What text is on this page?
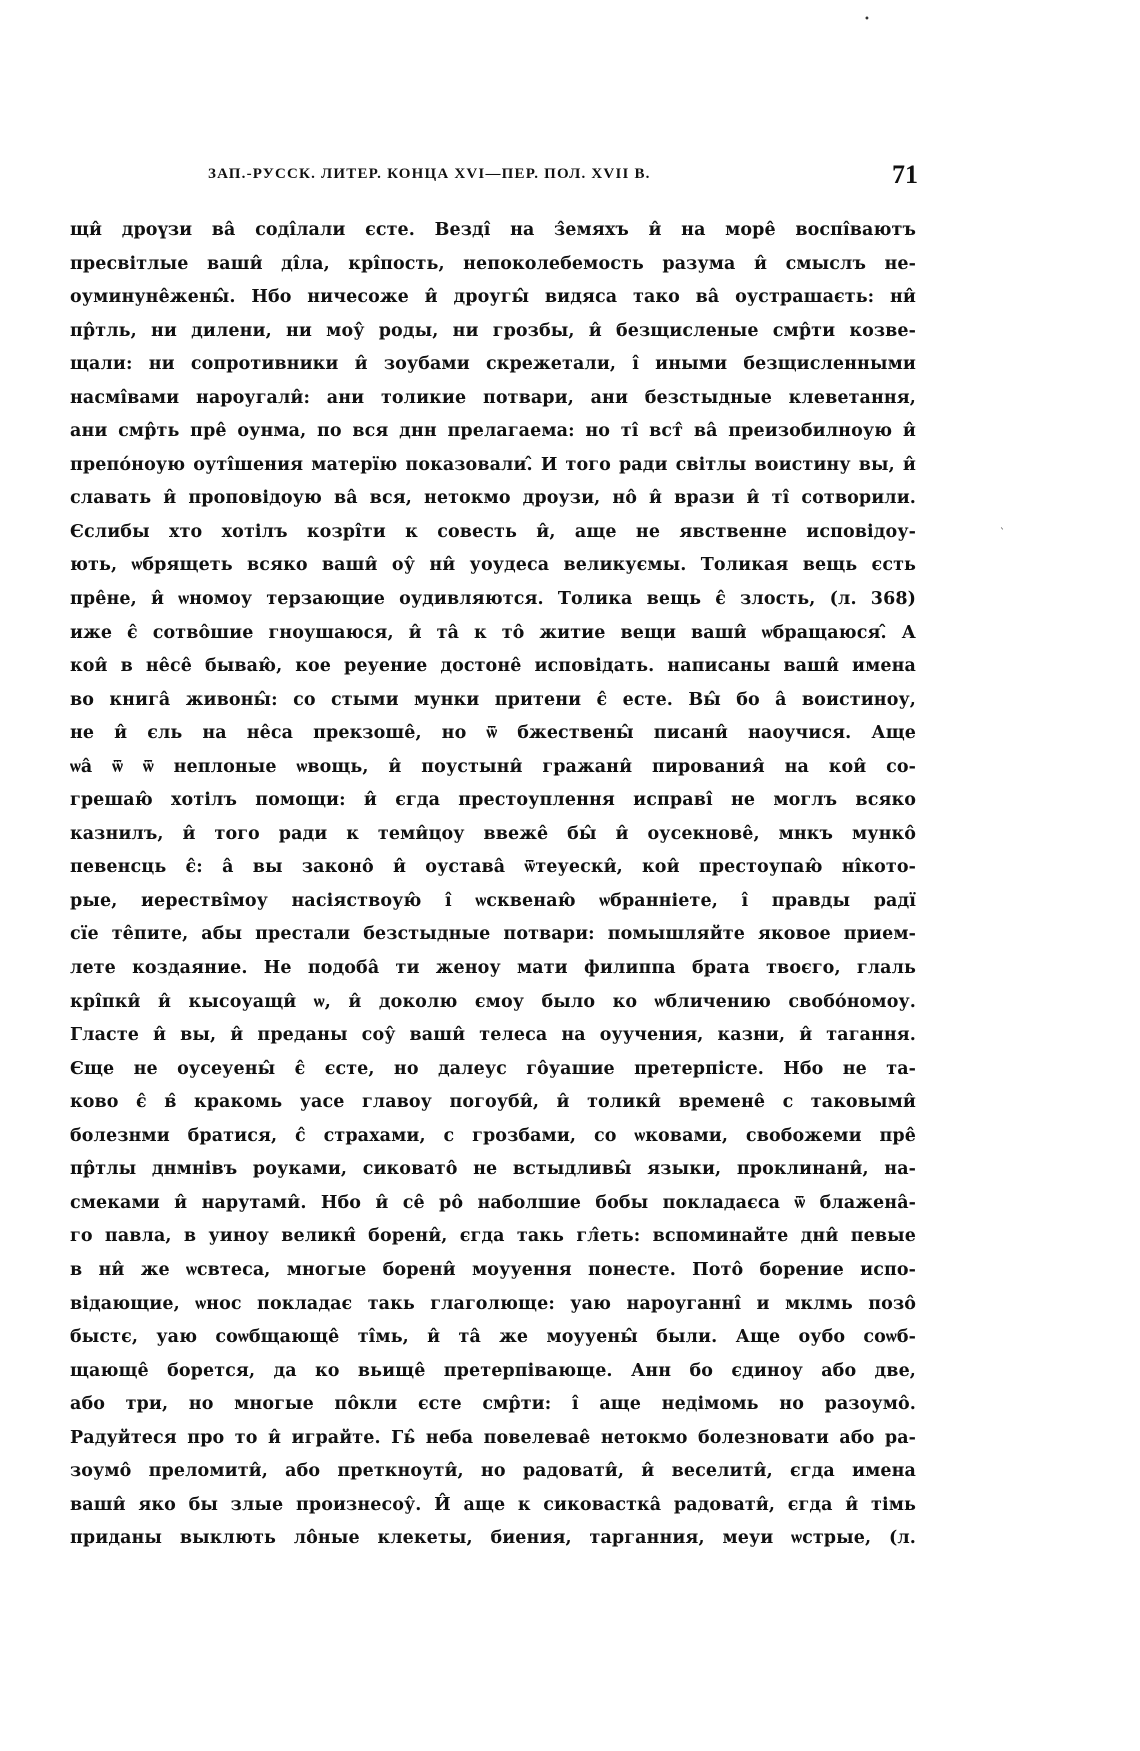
•
`
ЗАП.-РУСCК. ЛИТЕР. КОНЦА XVI—ПЕР. ПОЛ. XVII В.	71
щи̂ дроүзи ва̂ соді̂лали єсте. Везді̂ на з̂емяхъ и̂ на море̂ воспі̂ваютъ
пресвітлые ваши̂ ді̂ла, крі̂пость, непоколебемость разума и̂ смыслъ не-
оуминуне̂жены̂. Нбо ничесоже и̂ дроугы̂ видяса тако ва̂ оустрашаєть: ни̂
пр̂тль, ни дилени, ни моу̂ роды, ни грозбы, и̂ безщисленые смр̂ти козве-
щали: ни сопротивники и̂ зоубами скрежетали, і̂ иными безщисленными
насмі̂вами нароугали̂: ани толикие потвари, ани безстыдные клеветання,
ани смр̂ть пре̂ оунма, по вся днн прелагаема: но ті̂ вст̂ ва̂ преизобилноую и̂
препо́ноую оуті̂шения матерїю показовали.̂ И того ради світлы воистину вы, и̂
славать и̂ проповідоую ва̂ вся, нетокмо дроузи, но̂ и̂ врази и̂ ті̂ сотворили.
Єслибы хто хотілъ козрі̂ти к совесть и̂, аще не явственне исповідоу-
ють, ѡбрящеть всяко ваши̂ оу̂ ни̂ уоудеса великуємы. Толикая вещь єсть
пре̂не, и̂ ѡномоу терзающие оудивляются. Толика вещь є̂ злость, (л. 368)
иже є̂ сотво̂шие гноушаюся, и̂ та̂ к то̂ житие вещи ваши̂ ѡбращаюся.̂ А
кои̂ в не̂се̂ бываю̂, кое реуение достоне̂ исповідать. написаны ваши̂ имена
во книга̂ живоны̂: со стыми мунки притени є̂ есте. Вы̂ бо а̂ воистиноу,
не и̂ єль на не̂са прекзоше̂, но ѿ бжествены̂ писани̂ наоучися. Аще
ѡа̂ ѿ ѿ неплоные ѡвощь, и̂ поустыни̂ гражани̂ пирования̂ на кои̂ со-
грешаю̂ хотілъ помощи: и̂ єгда престоуплення исправі̂ не моглъ всяко
казнилъ, и̂ того ради к теми̂цоу ввеже̂ бы̂ и̂ оусекнове̂, мнкъ мунко̂
певенсць є̂: а̂ вы законо̂ и̂ оустава̂ ѿтеуески̂, кои̂ престоупаю̂ ні̂кото-
рые, иерестві̂моу насіяствоую̂ і̂ ѡсквенаю̂ ѡбранніете, і̂ правды радї
сїе те̂пите, абы престали безстыдные потвари: помышляйте яковое прием-
лете коздаяние. Не подоба̂ ти женоу мати филиппа брата твоєго, глаль
крі̂пки̂ и̂ кысоуащи̂ ѡ, и̂ доколю ємоу было ко ѡбличению свобо́номоу.
Гласте и̂ вы, и̂ преданы соу̂ ваши̂ телеса на оуучения, казни, и̂ тагання.
Єще не оусеуены̂ є̂ єсте, но далеус го̂уашие претерпісте. Нбо не та-
ково є̂ в̂ кракомь уасе главоу погоуби̂, и̂ толики̂ времене̂ с таковыми̂
болезнми братися, с̂ страхами, с грозбами, со ѡковами, свобожеми пре̂
пр̂тлы днмнівъ роуками, сиковато̂ не встыдливы̂ языки, проклинани̂, на-
смеками и̂ нарутами̂. Нбо и̂ се̂ ро̂ наболшие бобы покладаєса ѿ блажена̂-
го павла, в уиноу великн̂ борени̂, єгда такь гл̂еть: вспоминайте дни̂ певые
в ни̂ же ѡсвтеса, многые борени̂ моууення понесте. Пото̂ борение испо-
відающие, ѡнос покладає такь глаголюще: уаю нароуганні̂ и мклмь позо̂
быстє, уаю соѡбщающе̂ ті̂мь, и̂ та̂ же моууены̂ были. Аще оубо соѡб-
щающе̂ борется, да ко вьище̂ претерпівающе. Анн бо єдиноу або две,
або три, но многые по̂кли єсте смр̂ти: і̂ аще недімомь но разоумо̂.
Радуйтеся про то и̂ играйте. Гь̂ неба повелевае̂ нетокмо болезновати або ра-
зоумо̂ преломити̂, або преткноути̂, но радовати̂, и̂ веселити̂, єгда имена
ваши̂ яко бы злые произнесоу̂. И̂ аще к сиковастка̂ радовати̂, єгда и̂ тімь
приданы выклють ло̂ные клекеты, биения, тарганния, меуи ѡстрые, (л.
